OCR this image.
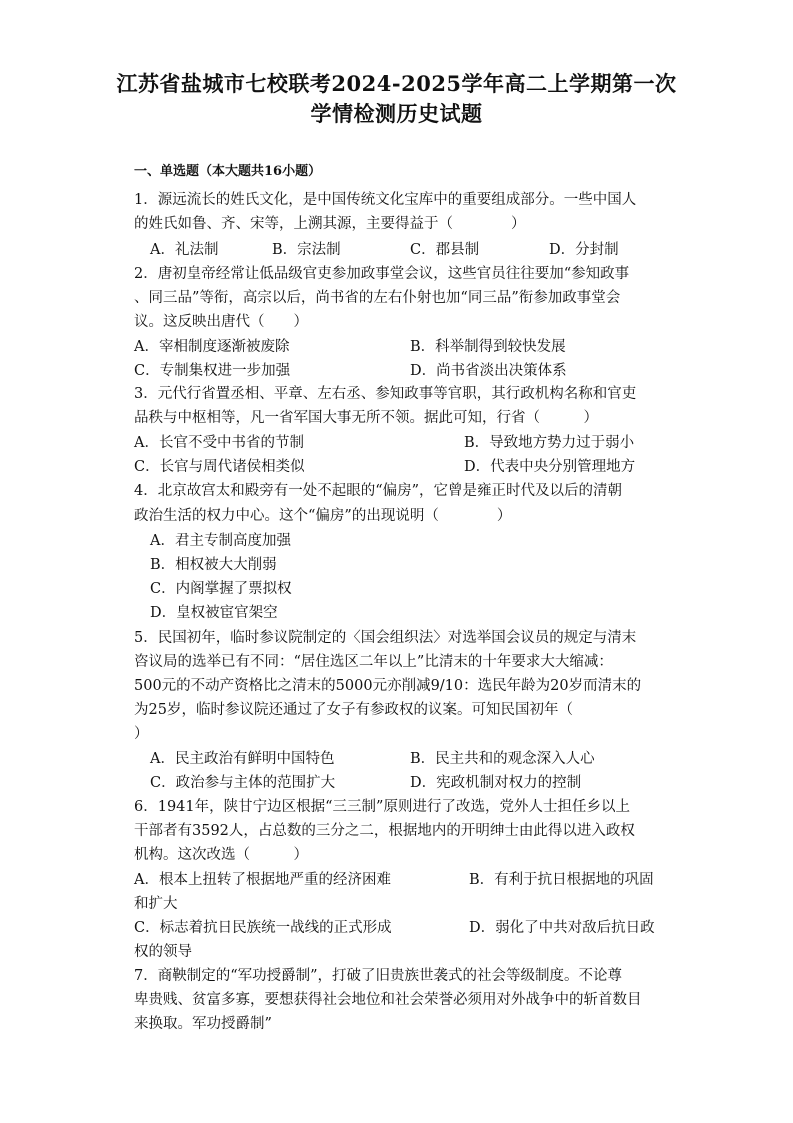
江苏省盐城市七校联考2024-2025学年高二上学期第一次
学情检测历史试题
一、单选题（本大题共16小题）
1．源远流长的姓氏文化，是中国传统文化宝库中的重要组成部分。一些中国人
的姓氏如鲁、齐、宋等，上溯其源，主要得益于（　　　　）
A．礼法制	B．宗法制	C．郡县制	D．分封制
2．唐初皇帝经常让低品级官吏参加政事堂会议，这些官员往往要加“参知政事
、同三品”等衔，高宗以后，尚书省的左右仆射也加“同三品”衔参加政事堂会
议。这反映出唐代（　　）
A．宰相制度逐渐被废除	B．科举制得到较快发展
C．专制集权进一步加强	D．尚书省淡出决策体系
3．元代行省置丞相、平章、左右丞、参知政事等官职，其行政机构名称和官吏
品秩与中枢相等，凡一省军国大事无所不领。据此可知，行省（　　　）
A．长官不受中书省的节制	B．导致地方势力过于弱小
C．长官与周代诸侯相类似	D．代表中央分别管理地方
4．北京故宫太和殿旁有一处不起眼的“偏房”，它曾是雍正时代及以后的清朝
政治生活的权力中心。这个“偏房”的出现说明（　　　　）
A．君主专制高度加强
B．相权被大大削弱
C．内阁掌握了票拟权
D．皇权被宦官架空
5．民国初年，临时参议院制定的〈国会组织法〉对选举国会议员的规定与清末
咨议局的选举已有不同：“居住选区二年以上”比清末的十年要求大大缩减：
500元的不动产资格比之清末的5000元亦削减9/10：选民年龄为20岁而清末的
为25岁，临时参议院还通过了女子有参政权的议案。可知民国初年（
）
A．民主政治有鲜明中国特色	B．民主共和的观念深入人心
C．政治参与主体的范围扩大	D．宪政机制对权力的控制
6．1941年，陕甘宁边区根据“三三制”原则进行了改选，党外人士担任乡以上
干部者有3592人，占总数的三分之二，根据地内的开明绅士由此得以进入政权
机构。这次改选（　　　）
A．根本上扭转了根据地严重的经济困难	B．有利于抗日根据地的巩固
和扩大
C．标志着抗日民族统一战线的正式形成	D．弱化了中共对敌后抗日政
权的领导
7．商鞅制定的“军功授爵制”，打破了旧贵族世袭式的社会等级制度。不论尊
卑贵贱、贫富多寡，要想获得社会地位和社会荣誉必须用对外战争中的斩首数目
来换取。军功授爵制”
